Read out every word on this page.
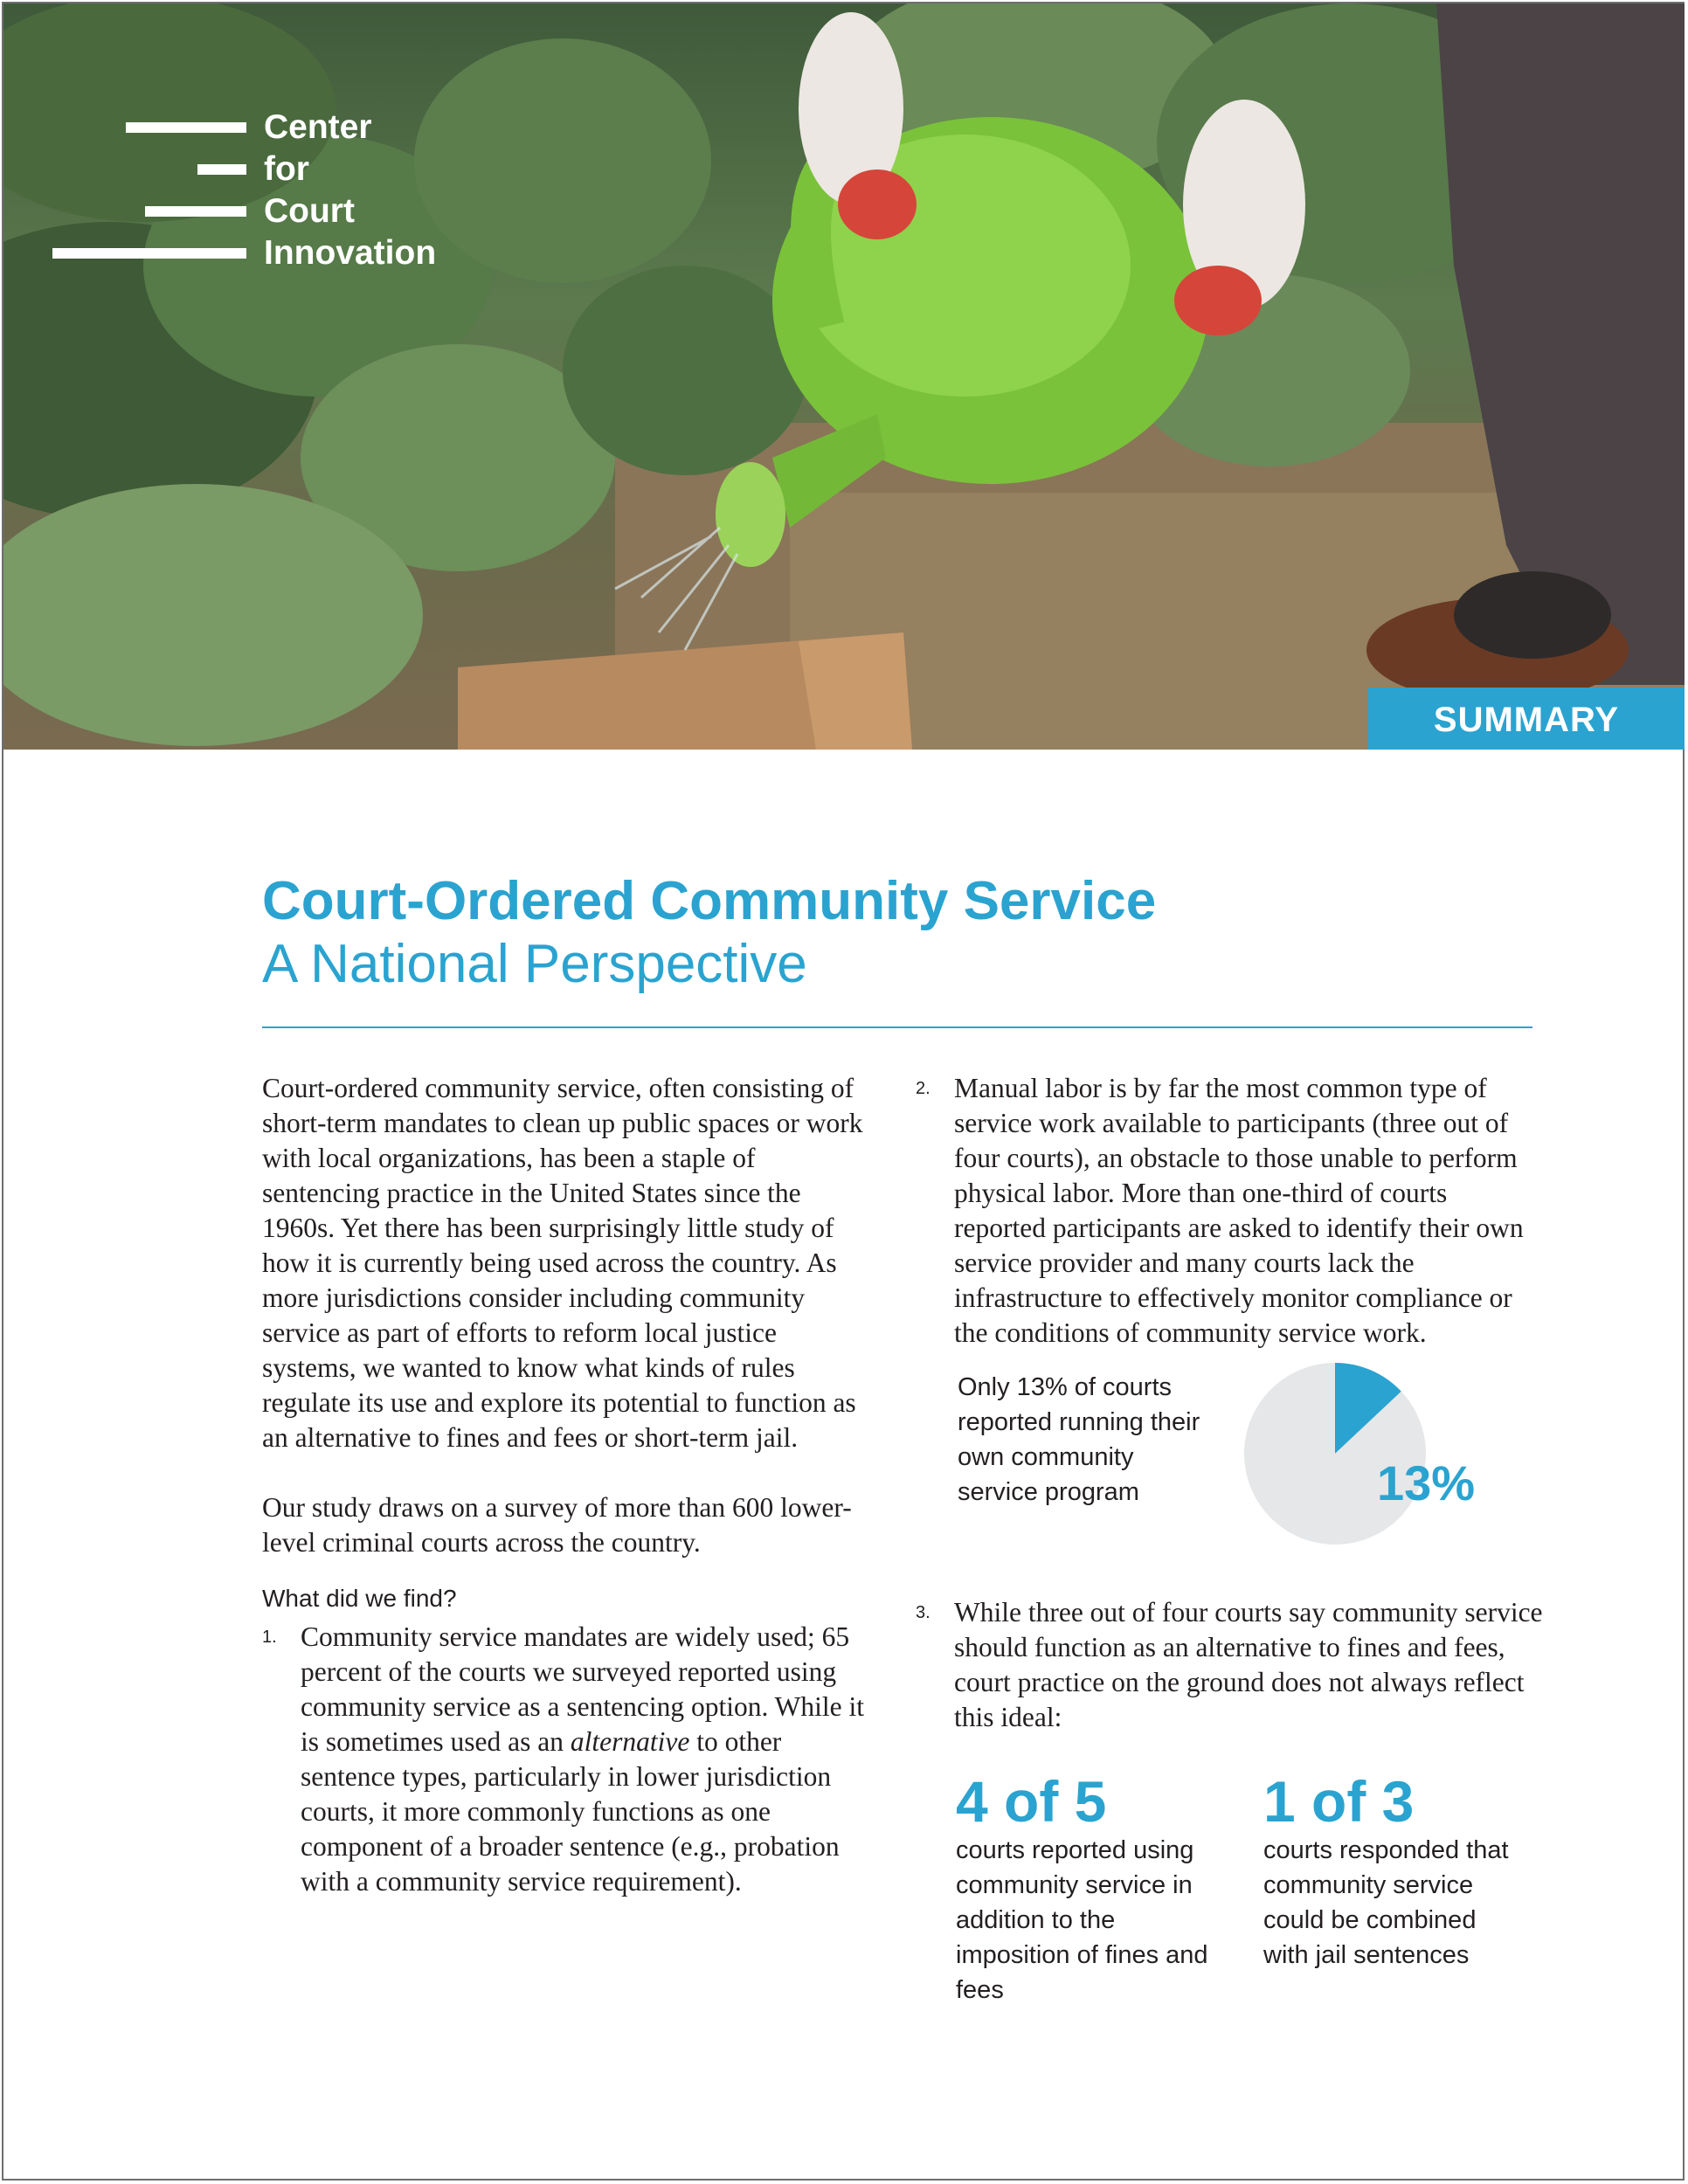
Center
for
Court
Innovation
SUMMARY
Court-Ordered Community Service
A National Perspective

Court-ordered community service, often consisting of short-term mandates to clean up public spaces or work with local organizations, has been a staple of sentencing practice in the United States since the 1960s. Yet there has been surprisingly little study of how it is currently being used across the country. As more jurisdictions consider including community service as part of efforts to reform local justice systems, we wanted to know what kinds of rules regulate its use and explore its potential to function as an alternative to fines and fees or short-term jail.

Our study draws on a survey of more than 600 lower-level criminal courts across the country.

What did we find?

1. Community service mandates are widely used; 65 percent of the courts we surveyed reported using community service as a sentencing option. While it is sometimes used as an alternative to other sentence types, particularly in lower jurisdiction courts, it more commonly functions as one component of a broader sentence (e.g., probation with a community service requirement).

2. Manual labor is by far the most common type of service work available to participants (three out of four courts), an obstacle to those unable to perform physical labor. More than one-third of courts reported participants are asked to identify their own service provider and many courts lack the infrastructure to effectively monitor compliance or the conditions of community service work.

Only 13% of courts reported running their own community service program	13%
3. While three out of four courts say community service should function as an alternative to fines and fees, court practice on the ground does not always reflect this ideal:

4 of 5
courts reported using community service in addition to the imposition of fines and fees
1 of 3
courts responded that community service could be combined with jail sentences
